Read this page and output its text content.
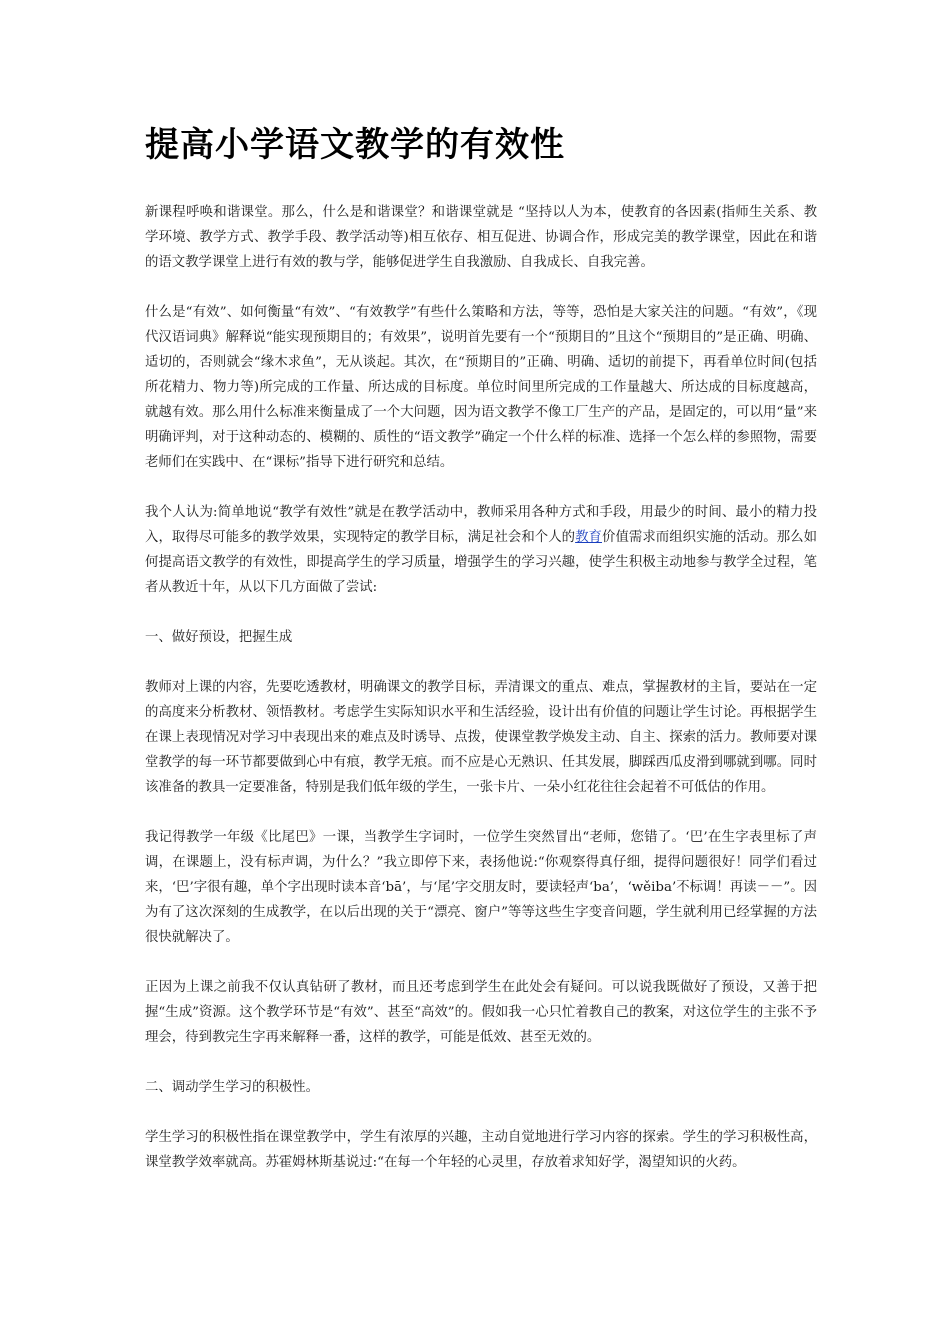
提高小学语文教学的有效性

新课程呼唤和谐课堂。那么，什么是和谐课堂？和谐课堂就是 “坚持以人为本，使教育的各因素(指师生关系、教学环境、教学方式、教学手段、教学活动等)相互依存、相互促进、协调合作，形成完美的教学课堂，因此在和谐的语文教学课堂上进行有效的教与学，能够促进学生自我激励、自我成长、自我完善。

什么是“有效”、如何衡量“有效”、“有效教学”有些什么策略和方法，等等，恐怕是大家关注的问题。“有效”，《现代汉语词典》解释说“能实现预期目的；有效果”，说明首先要有一个“预期目的”且这个“预期目的”是正确、明确、适切的，否则就会“缘木求鱼”，无从谈起。其次，在“预期目的”正确、明确、适切的前提下，再看单位时间(包括所花精力、物力等)所完成的工作量、所达成的目标度。单位时间里所完成的工作量越大、所达成的目标度越高，就越有效。那么用什么标准来衡量成了一个大问题，因为语文教学不像工厂生产的产品，是固定的，可以用“量”来明确评判，对于这种动态的、模糊的、质性的“语文教学”确定一个什么样的标准、选择一个怎么样的参照物，需要老师们在实践中、在“课标”指导下进行研究和总结。

我个人认为:简单地说“教学有效性”就是在教学活动中，教师采用各种方式和手段，用最少的时间、最小的精力投入，取得尽可能多的教学效果，实现特定的教学目标，满足社会和个人的教育价值需求而组织实施的活动。那么如何提高语文教学的有效性，即提高学生的学习质量，增强学生的学习兴趣，使学生积极主动地参与教学全过程，笔者从教近十年，从以下几方面做了尝试:

一、做好预设，把握生成

教师对上课的内容，先要吃透教材，明确课文的教学目标，弄清课文的重点、难点，掌握教材的主旨，要站在一定的高度来分析教材、领悟教材。考虑学生实际知识水平和生活经验，设计出有价值的问题让学生讨论。再根据学生在课上表现情况对学习中表现出来的难点及时诱导、点拨，使课堂教学焕发主动、自主、探索的活力。教师要对课堂教学的每一环节都要做到心中有痕，教学无痕。而不应是心无熟识、任其发展，脚踩西瓜皮滑到哪就到哪。同时该准备的教具一定要准备，特别是我们低年级的学生，一张卡片、一朵小红花往往会起着不可低估的作用。

我记得教学一年级《比尾巴》一课，当教学生字词时，一位学生突然冒出“老师，您错了。‘巴’在生字表里标了声调，在课题上，没有标声调，为什么？”我立即停下来，表扬他说:“你观察得真仔细，提得问题很好！同学们看过来，‘巴’字很有趣，单个字出现时读本音‘bā’，与‘尾’字交朋友时，要读轻声‘ba’，‘wěiba’不标调！再读－－”。因为有了这次深刻的生成教学，在以后出现的关于“漂亮、窗户”等等这些生字变音问题，学生就利用已经掌握的方法很快就解决了。

正因为上课之前我不仅认真钻研了教材，而且还考虑到学生在此处会有疑问。可以说我既做好了预设，又善于把握“生成”资源。这个教学环节是“有效”、甚至“高效”的。假如我一心只忙着教自己的教案，对这位学生的主张不予理会，待到教完生字再来解释一番，这样的教学，可能是低效、甚至无效的。

二、调动学生学习的积极性。

学生学习的积极性指在课堂教学中，学生有浓厚的兴趣，主动自觉地进行学习内容的探索。学生的学习积极性高，课堂教学效率就高。苏霍姆林斯基说过:“在每一个年轻的心灵里，存放着求知好学，渴望知识的火药。
